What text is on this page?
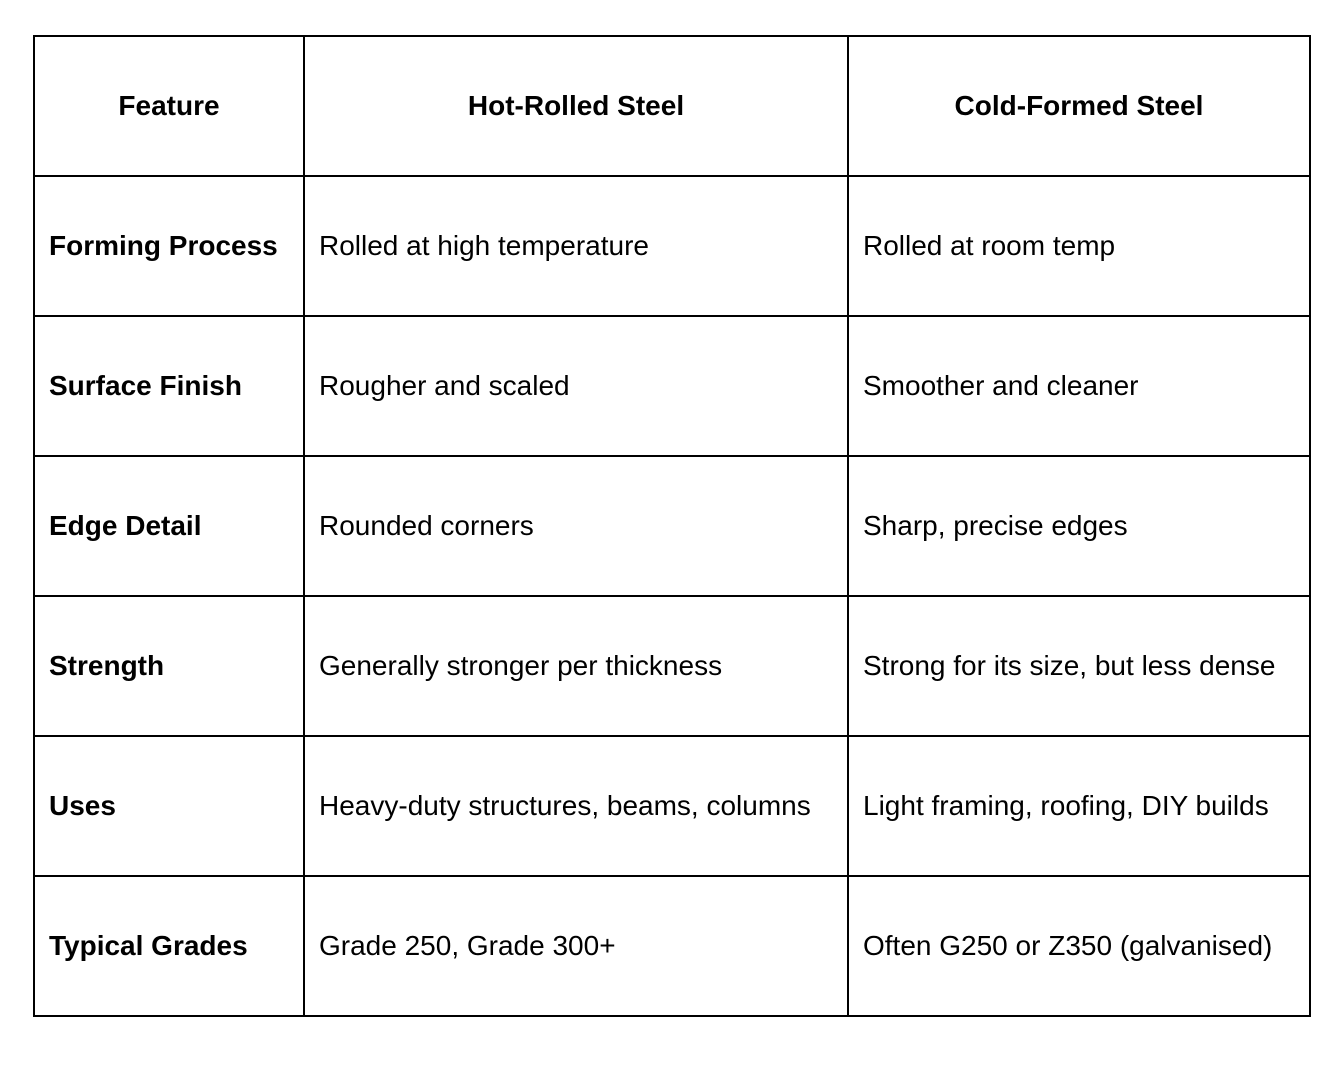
Feature	Hot-Rolled Steel	Cold-Formed Steel
Forming Process	Rolled at high temperature	Rolled at room temp
Surface Finish	Rougher and scaled	Smoother and cleaner
Edge Detail	Rounded corners	Sharp, precise edges
Strength	Generally stronger per thickness	Strong for its size, but less dense
Uses	Heavy-duty structures, beams, columns	Light framing, roofing, DIY builds
Typical Grades	Grade 250, Grade 300+	Often G250 or Z350 (galvanised)
